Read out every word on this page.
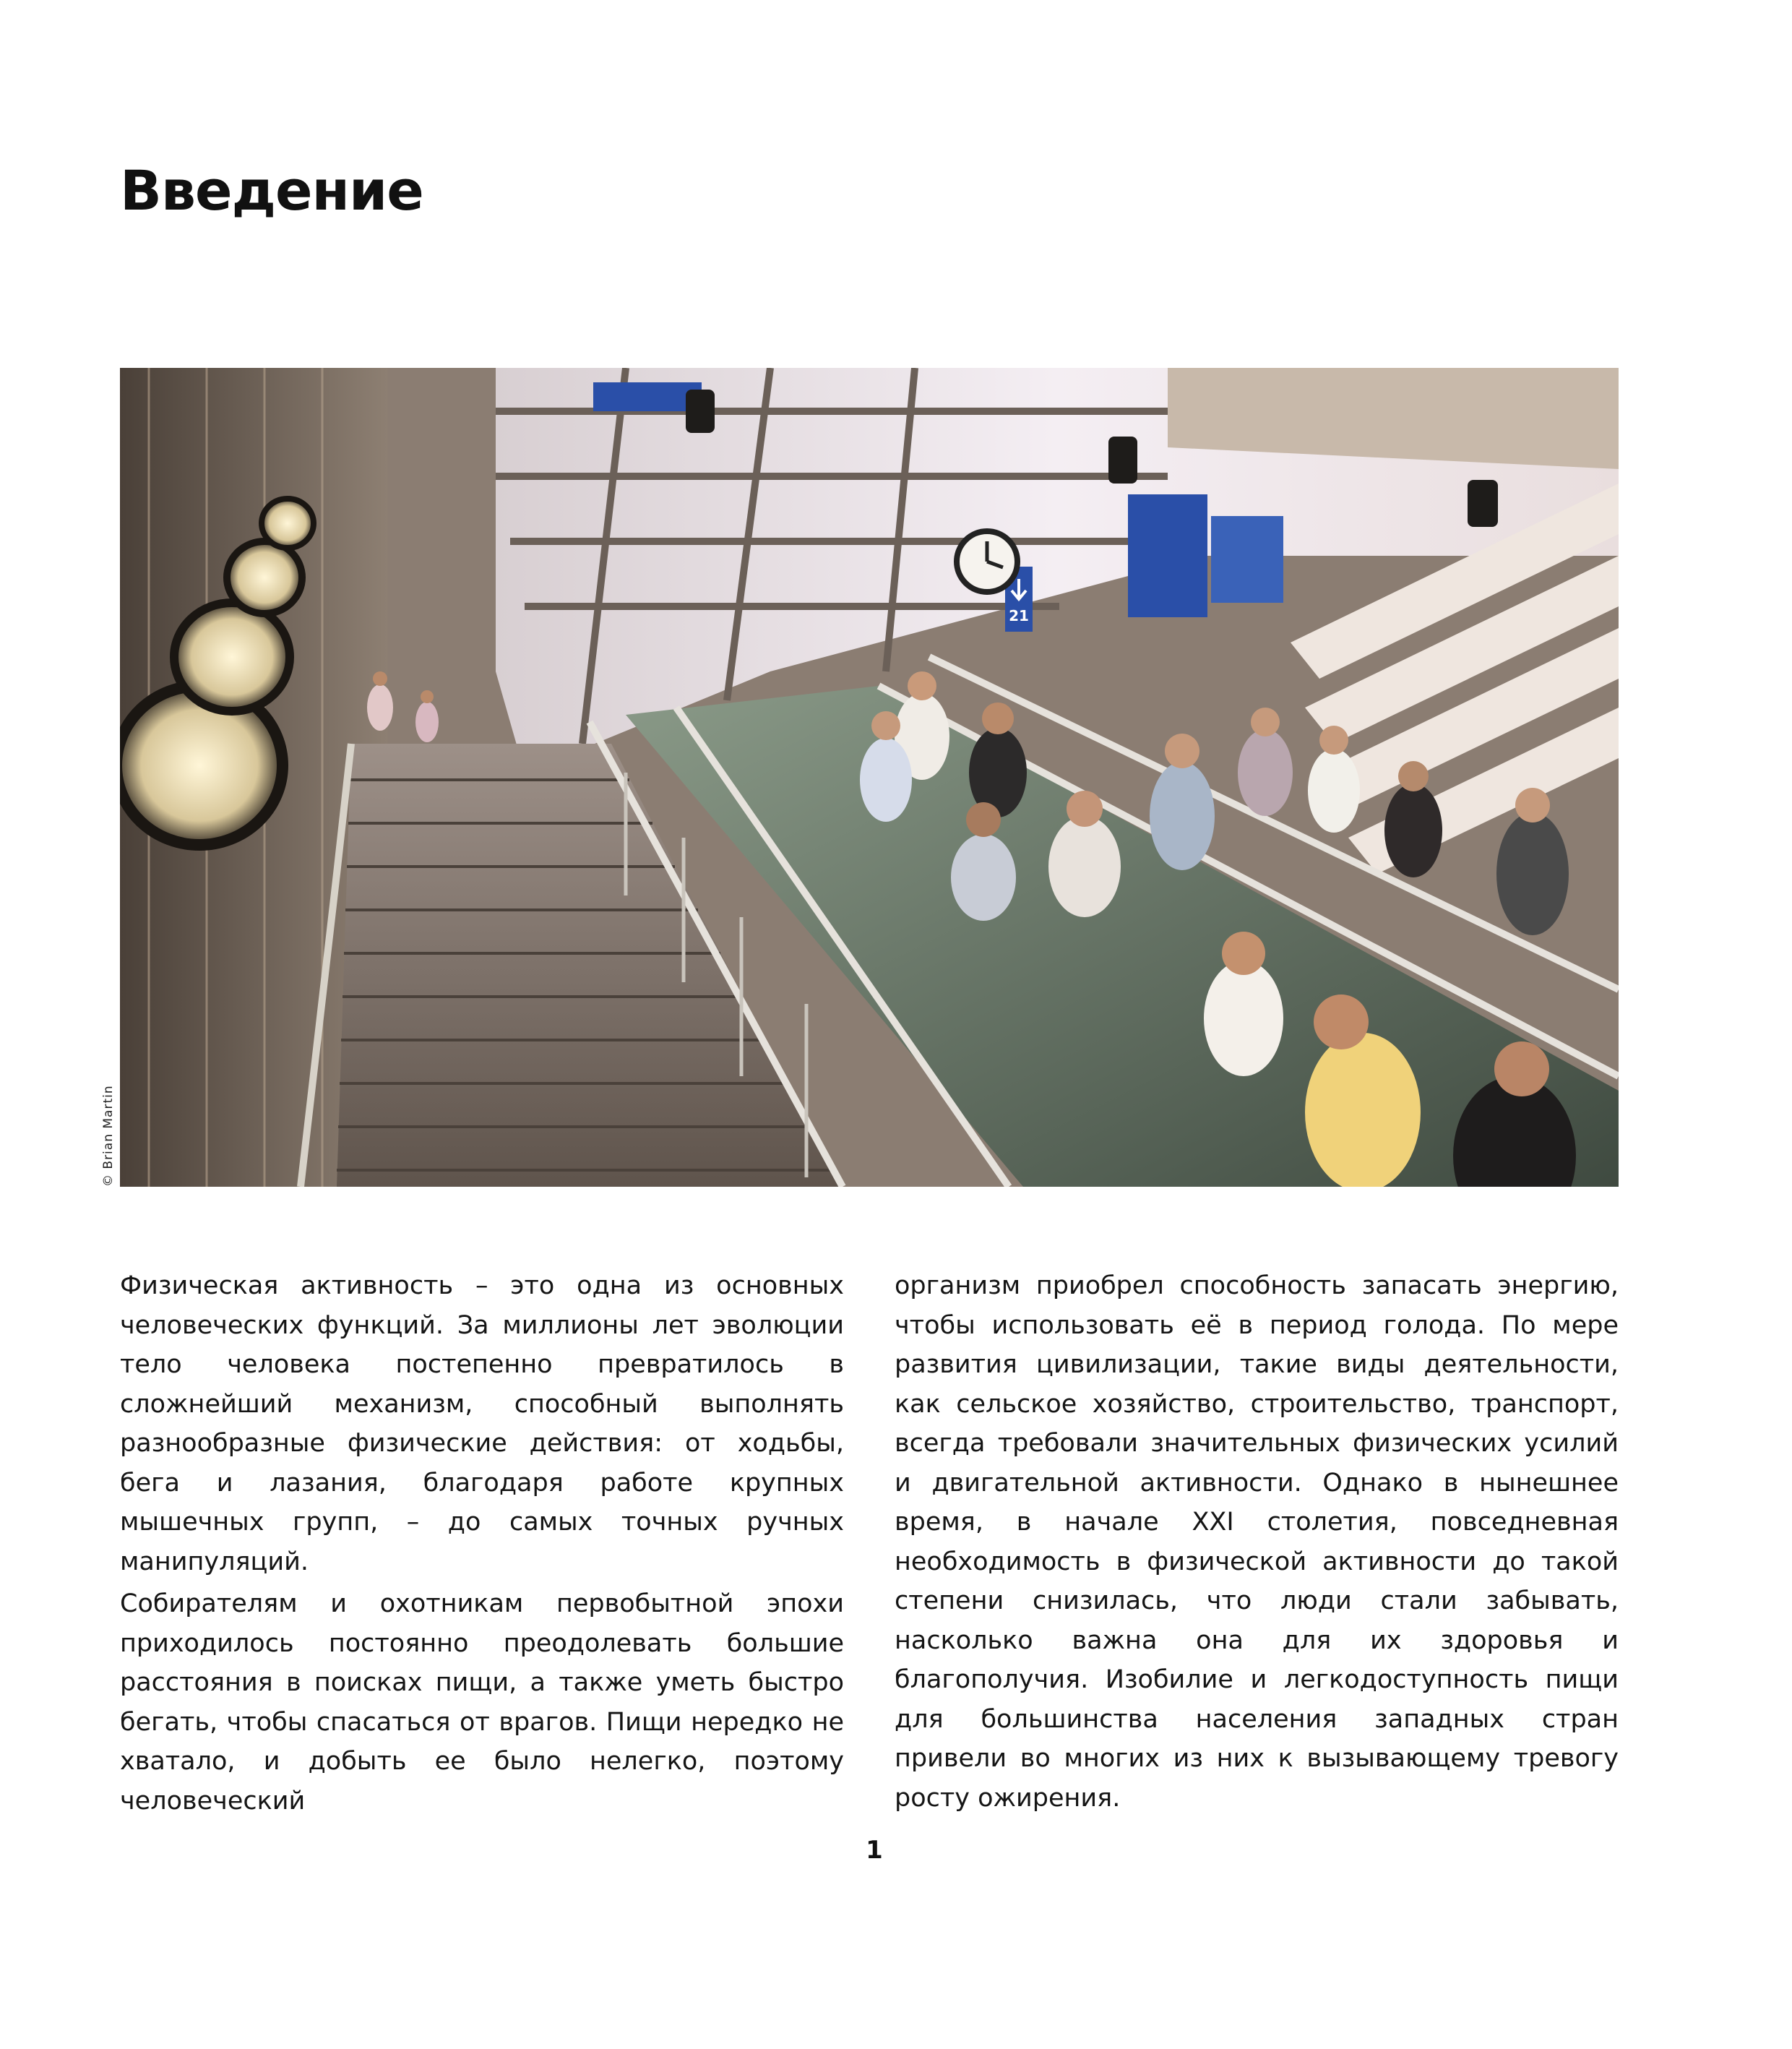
Введение
21
© Brian Martin

Физическая активность – это одна из основных человеческих функций. За миллионы лет эволюции тело человека постепенно превратилось в сложнейший механизм, способный выполнять разнообразные физические действия: от ходьбы, бега и лазания, благодаря работе крупных мышечных групп, – до самых точных ручных манипуляций.

Собирателям и охотникам первобытной эпохи приходилось постоянно преодолевать большие расстояния в поисках пищи, а также уметь быстро бегать, чтобы спасаться от врагов. Пищи нередко не хватало, и добыть ее было нелегко, поэтому человеческий

организм приобрел способность запасать энергию, чтобы использовать её в период голода. По мере развития цивилизации, такие виды деятельности, как сельское хозяйство, строительство, транспорт, всегда требовали значительных физических усилий и двигательной активности. Однако в нынешнее время, в начале XXI столетия, повседневная необходимость в физической активности до такой степени снизилась, что люди стали забывать, насколько важна она для их здоровья и благополучия. Изобилие и легкодоступность пищи для большинства населения западных стран привели во многих из них к вызывающему тревогу росту ожирения.

1
